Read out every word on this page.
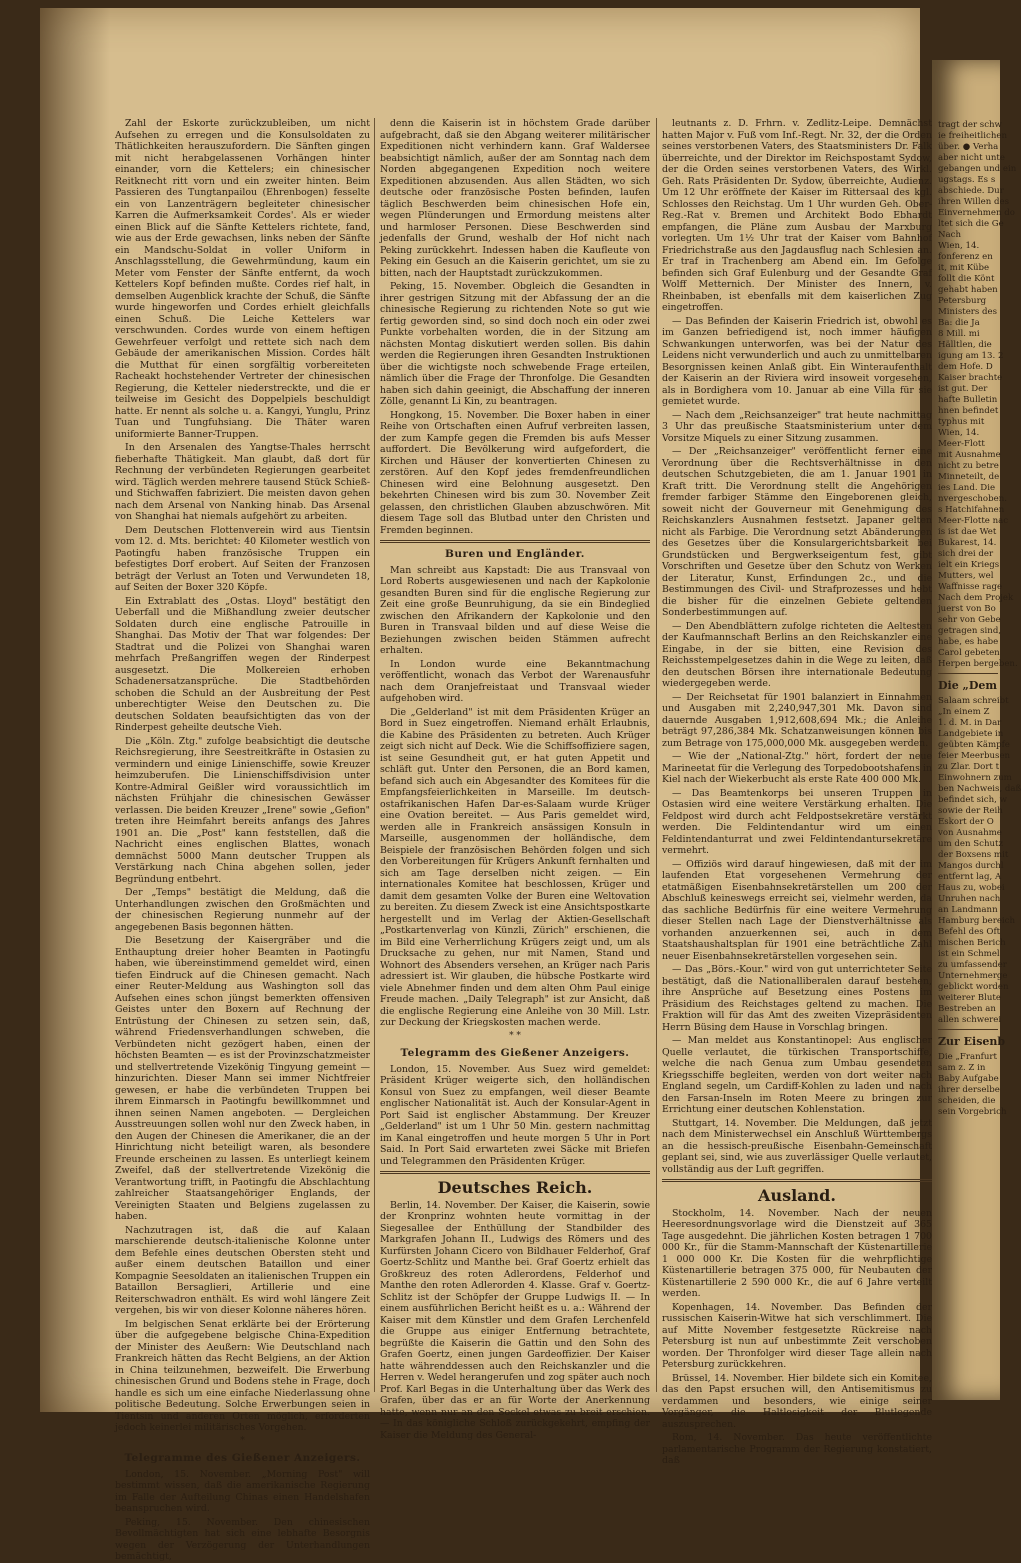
Zahl der Eskorte zurückzubleiben, um nicht Aufsehen zu erregen und die Konsulsoldaten zu Thätlichkeiten herauszufordern. Die Sänften gingen mit nicht herabgelassenen Vorhängen hinter einander, vorn die Kettelers; ein chinesischer Reitknecht ritt vorn und ein zweiter hinten. Beim Passieren des Tungtanpailou (Ehrenbogen) fesselte ein von Lanzenträgern begleiteter chinesischer Karren die Aufmerksamkeit Cordes'. Als er wieder einen Blick auf die Sänfte Kettelers richtete, fand, wie aus der Erde gewachsen, links neben der Sänfte ein Mandschu-Soldat in voller Uniform in Anschlagsstellung, die Gewehrmündung, kaum ein Meter vom Fenster der Sänfte entfernt, da woch Kettelers Kopf befinden mußte. Cordes rief halt, in demselben Augenblick krachte der Schuß, die Sänfte wurde hingeworfen und Cordes erhielt gleichfalls einen Schuß. Die Leiche Kettelers war verschwunden. Cordes wurde von einem heftigen Gewehrfeuer verfolgt und rettete sich nach dem Gebäude der amerikanischen Mission. Cordes hält die Mutthat für einen sorgfältig vorbereiteten Racheakt hochstehender Vertreter der chinesischen Regierung, die Ketteler niederstreckte, und die er teilweise im Gesicht des Doppelpiels beschuldigt hatte. Er nennt als solche u. a. Kangyi, Yunglu, Prinz Tuan und Tungfuhsiang. Die Thäter waren uniformierte Banner-Truppen.

In den Arsenalen des Yangtse-Thales herrscht fieberhafte Thätigkeit. Man glaubt, daß dort für Rechnung der verbündeten Regierungen gearbeitet wird. Täglich werden mehrere tausend Stück Schieß- und Stichwaffen fabriziert. Die meisten davon gehen nach dem Arsenal von Nanking hinab. Das Arsenal von Shanghai hat niemals aufgehört zu arbeiten.

Dem Deutschen Flottenverein wird aus Tientsin vom 12. d. Mts. berichtet: 40 Kilometer westlich von Paotingfu haben französische Truppen ein befestigtes Dorf erobert. Auf Seiten der Franzosen beträgt der Verlust an Toten und Verwundeten 18, auf Seiten der Boxer 320 Köpfe.

Ein Extrablatt des „Ostas. Lloyd" bestätigt den Ueberfall und die Mißhandlung zweier deutscher Soldaten durch eine englische Patrouille in Shanghai. Das Motiv der That war folgendes: Der Stadtrat und die Polizei von Shanghai waren mehrfach Preßangriffen wegen der Rinderpest ausgesetzt. Die Molkereien erhoben Schadenersatzansprüche. Die Stadtbehörden schoben die Schuld an der Ausbreitung der Pest unberechtigter Weise den Deutschen zu. Die deutschen Soldaten beaufsichtigten das von der Rinderpest geheilte deutsche Vieh.

Die „Köln. Ztg." zufolge beabsichtigt die deutsche Reichsregierung, ihre Seestreitkräfte in Ostasien zu vermindern und einige Linienschiffe, sowie Kreuzer heimzuberufen. Die Linienschiffsdivision unter Kontre-Admiral Geißler wird voraussichtlich im nächsten Frühjahr die chinesischen Gewässer verlassen. Die beiden Kreuzer „Irene" sowie „Gefion" treten ihre Heimfahrt bereits anfangs des Jahres 1901 an. Die „Post" kann feststellen, daß die Nachricht eines englischen Blattes, wonach demnächst 5000 Mann deutscher Truppen als Verstärkung nach China abgehen sollen, jeder Begründung entbehrt.

Der „Temps" bestätigt die Meldung, daß die Unterhandlungen zwischen den Großmächten und der chinesischen Regierung nunmehr auf der angegebenen Basis begonnen hätten.

Die Besetzung der Kaisergräber und die Enthauptung dreier hoher Beamten in Paotingfu haben, wie übereinstimmend gemeldet wird, einen tiefen Eindruck auf die Chinesen gemacht. Nach einer Reuter-Meldung aus Washington soll das Aufsehen eines schon jüngst bemerkten offensiven Geistes unter den Boxern auf Rechnung der Entrüstung der Chinesen zu setzen sein, daß, während Friedensverhandlungen schweben, die Verbündeten nicht gezögert haben, einen der höchsten Beamten — es ist der Provinzschatzmeister und stellvertretende Vizekönig Tingyung gemeint — hinzurichten. Dieser Mann sei immer Nichtfreier gewesen, er habe die verbündeten Truppen bei ihrem Einmarsch in Paotingfu bewillkommnet und ihnen seinen Namen angeboten. — Dergleichen Ausstreuungen sollen wohl nur den Zweck haben, in den Augen der Chinesen die Amerikaner, die an der Hinrichtung nicht beteiligt waren, als besondere Freunde erscheinen zu lassen. Es unterliegt keinem Zweifel, daß der stellvertretende Vizekönig die Verantwortung trifft, in Paotingfu die Abschlachtung zahlreicher Staatsangehöriger Englands, der Vereinigten Staaten und Belgiens zugelassen zu haben.

Nachzutragen ist, daß die auf Kalaan marschierende deutsch-italienische Kolonne unter dem Befehle eines deutschen Obersten steht und außer einem deutschen Bataillon und einer Kompagnie Seesoldaten an italienischen Truppen ein Bataillon Bersaglieri, Artillerie und eine Reiterschwadron enthält. Es wird wohl längere Zeit vergehen, bis wir von dieser Kolonne näheres hören.

Im belgischen Senat erklärte bei der Erörterung über die aufgegebene belgische China-Expedition der Minister des Aeußern: Wie Deutschland nach Frankreich hätten das Recht Belgiens, an der Aktion in China teilzunehmen, bezweifelt. Die Erwerbung chinesischen Grund und Bodens stehe in Frage, doch handle es sich um eine einfache Niederlassung ohne politische Bedeutung. Solche Erwerbungen seien in Tientsin und anderen Orten möglich, erforderten jedoch keinerlei militärisches Vorgehen.

*
Telegramme des Gießener Anzeigers.

London, 15. November. „Morning Post" will bestimmt wissen, daß die amerikanische Regierung im Falle der Aufteilung Chinas einen Handelshafen beanspruchen wird.

Peking, 15. November. Den chinesischen Bevollmächtigten hat sich eine lebhafte Besorgnis wegen der Verzögerung der Unterhandlungen bemächtigt,

denn die Kaiserin ist in höchstem Grade darüber aufgebracht, daß sie den Abgang weiterer militärischer Expeditionen nicht verhindern kann. Graf Waldersee beabsichtigt nämlich, außer der am Sonntag nach dem Norden abgegangenen Expedition noch weitere Expeditionen abzusenden. Aus allen Städten, wo sich deutsche oder französische Posten befinden, laufen täglich Beschwerden beim chinesischen Hofe ein, wegen Plünderungen und Ermordung meistens alter und harmloser Personen. Diese Beschwerden sind jedenfalls der Grund, weshalb der Hof nicht nach Peking zurückkehrt. Indessen haben die Kaufleute von Peking ein Gesuch an die Kaiserin gerichtet, um sie zu bitten, nach der Hauptstadt zurückzukommen.

Peking, 15. November. Obgleich die Gesandten in ihrer gestrigen Sitzung mit der Abfassung der an die chinesische Regierung zu richtenden Note so gut wie fertig geworden sind, so sind doch noch ein oder zwei Punkte vorbehalten worden, die in der Sitzung am nächsten Montag diskutiert werden sollen. Bis dahin werden die Regierungen ihren Gesandten Instruktionen über die wichtigste noch schwebende Frage erteilen, nämlich über die Frage der Thronfolge. Die Gesandten haben sich dahin geeinigt, die Abschaffung der inneren Zölle, genannt Li Kin, zu beantragen.

Hongkong, 15. November. Die Boxer haben in einer Reihe von Ortschaften einen Aufruf verbreiten lassen, der zum Kampfe gegen die Fremden bis aufs Messer auffordert. Die Bevölkerung wird aufgefordert, die Kirchen und Häuser der konvertierten Chinesen zu zerstören. Auf den Kopf jedes fremdenfreundlichen Chinesen wird eine Belohnung ausgesetzt. Den bekehrten Chinesen wird bis zum 30. November Zeit gelassen, den christlichen Glauben abzuschwören. Mit diesem Tage soll das Blutbad unter den Christen und Fremden beginnen.

Buren und Engländer.

Man schreibt aus Kapstadt: Die aus Transvaal von Lord Roberts ausgewiesenen und nach der Kapkolonie gesandten Buren sind für die englische Regierung zur Zeit eine große Beunruhigung, da sie ein Bindeglied zwischen den Afrikandern der Kapkolonie und den Buren in Transvaal bilden und auf diese Weise die Beziehungen zwischen beiden Stämmen aufrecht erhalten.

In London wurde eine Bekanntmachung veröffentlicht, wonach das Verbot der Warenausfuhr nach dem Oranjefreistaat und Transvaal wieder aufgehoben wird.

Die „Gelderland" ist mit dem Präsidenten Krüger an Bord in Suez eingetroffen. Niemand erhält Erlaubnis, die Kabine des Präsidenten zu betreten. Auch Krüger zeigt sich nicht auf Deck. Wie die Schiffsoffiziere sagen, ist seine Gesundheit gut, er hat guten Appetit und schläft gut. Unter den Personen, die an Bord kamen, befand sich auch ein Abgesandter des Komitees für die Empfangsfeierlichkeiten in Marseille. Im deutsch-ostafrikanischen Hafen Dar-es-Salaam wurde Krüger eine Ovation bereitet. — Aus Paris gemeldet wird, werden alle in Frankreich ansässigen Konsuln in Marseille, ausgenommen der holländische, dem Beispiele der französischen Behörden folgen und sich den Vorbereitungen für Krügers Ankunft fernhalten und sich am Tage derselben nicht zeigen. — Ein internationales Komitee hat beschlossen, Krüger und damit dem gesamten Volke der Buren eine Weltovation zu bereiten. Zu diesem Zweck ist eine Ansichtspostkarte hergestellt und im Verlag der Aktien-Gesellschaft „Postkartenverlag von Künzli, Zürich" erschienen, die im Bild eine Verherrlichung Krügers zeigt und, um als Drucksache zu gehen, nur mit Namen, Stand und Wohnort des Absenders versehen, an Krüger nach Paris adressiert ist. Wir glauben, die hübsche Postkarte wird viele Abnehmer finden und dem alten Ohm Paul einige Freude machen. „Daily Telegraph" ist zur Ansicht, daß die englische Regierung eine Anleihe von 30 Mill. Lstr. zur Deckung der Kriegskosten machen werde.

* *
Telegramm des Gießener Anzeigers.

London, 15. November. Aus Suez wird gemeldet: Präsident Krüger weigerte sich, den holländischen Konsul von Suez zu empfangen, weil dieser Beamte englischer Nationalität ist. Auch der Konsular-Agent in Port Said ist englischer Abstammung. Der Kreuzer „Gelderland" ist um 1 Uhr 50 Min. gestern nachmittag im Kanal eingetroffen und heute morgen 5 Uhr in Port Said. In Port Said erwarteten zwei Säcke mit Briefen und Telegrammen den Präsidenten Krüger.

Deutsches Reich.

Berlin, 14. November. Der Kaiser, die Kaiserin, sowie der Kronprinz wohnten heute vormittag in der Siegesallee der Enthüllung der Standbilder des Markgrafen Johann II., Ludwigs des Römers und des Kurfürsten Johann Cicero von Bildhauer Felderhof, Graf Goertz-Schlitz und Manthe bei. Graf Goertz erhielt das Großkreuz des roten Adlerordens, Felderhof und Manthe den roten Adlerorden 4. Klasse. Graf v. Goertz-Schlitz ist der Schöpfer der Gruppe Ludwigs II. — In einem ausführlichen Bericht heißt es u. a.: Während der Kaiser mit dem Künstler und dem Grafen Lerchenfeld die Gruppe aus einiger Entfernung betrachtete, begrüßte die Kaiserin die Gattin und den Sohn des Grafen Goertz, einen jungen Gardeoffizier. Der Kaiser hatte währenddessen auch den Reichskanzler und die Herren v. Wedel herangerufen und zog später auch noch Prof. Karl Begas in die Unterhaltung über das Werk des Grafen, über das er an für Worte der Anerkennung hatte, wenn nur an den Sockel etwas zu breit erschien. — In das königliche Schloß zurückgekehrt, empfing der Kaiser die Meldung des General-

leutnants z. D. Frhrn. v. Zedlitz-Leipe. Demnächst hatten Major v. Fuß vom Inf.-Regt. Nr. 32, der die Orden seines verstorbenen Vaters, des Staatsministers Dr. Falk überreichte, und der Direktor im Reichspostamt Sydow, der die Orden seines verstorbenen Vaters, des Wirkl. Geh. Rats Präsidenten Dr. Sydow, überreichte, Audienz. Um 12 Uhr eröffnete der Kaiser im Rittersaal des kgl. Schlosses den Reichstag. Um 1 Uhr wurden Geh. Ober-Reg.-Rat v. Bremen und Architekt Bodo Ebhardt empfangen, die Pläne zum Ausbau der Marxburg vorlegten. Um 1½ Uhr trat der Kaiser vom Bahnhof Friedrichstraße aus den Jagdausflug nach Schlesien an. Er traf in Trachenberg am Abend ein. Im Gefolge befinden sich Graf Eulenburg und der Gesandte Graf Wolff Metternich. Der Minister des Innern, v. Rheinbaben, ist ebenfalls mit dem kaiserlichen Zug eingetroffen.

— Das Befinden der Kaiserin Friedrich ist, obwohl es im Ganzen befriedigend ist, noch immer häufigen Schwankungen unterworfen, was bei der Natur des Leidens nicht verwunderlich und auch zu unmittelbaren Besorgnissen keinen Anlaß gibt. Ein Winteraufenthalt der Kaiserin an der Riviera wird insoweit vorgesehen, als in Bordighera vom 10. Januar ab eine Villa für sie gemietet wurde.

— Nach dem „Reichsanzeiger" trat heute nachmittag 3 Uhr das preußische Staatsministerium unter dem Vorsitze Miquels zu einer Sitzung zusammen.

— Der „Reichsanzeiger" veröffentlicht ferner eine Verordnung über die Rechtsverhältnisse in den deutschen Schutzgebieten, die am 1. Januar 1901 in Kraft tritt. Die Verordnung stellt die Angehörigen fremder farbiger Stämme den Eingeborenen gleich, soweit nicht der Gouverneur mit Genehmigung des Reichskanzlers Ausnahmen festsetzt. Japaner gelten nicht als Farbige. Die Verordnung setzt Abänderungen des Gesetzes über die Konsulargerichtsbarkeit bei Grundstücken und Bergwerkseigentum fest, gibt Vorschriften und Gesetze über den Schutz von Werken der Literatur, Kunst, Erfindungen 2c., und die Bestimmungen des Civil- und Strafprozesses und hebt die bisher für die einzelnen Gebiete geltenden Sonderbestimmungen auf.

— Den Abendblättern zufolge richteten die Aeltesten der Kaufmannschaft Berlins an den Reichskanzler eine Eingabe, in der sie bitten, eine Revision des Reichsstempelgesetzes dahin in die Wege zu leiten, daß den deutschen Börsen ihre internationale Bedeutung wiedergegeben werde.

— Der Reichsetat für 1901 balanziert in Einnahmen und Ausgaben mit 2,240,947,301 Mk. Davon sind dauernde Ausgaben 1,912,608,694 Mk.; die Anleihe beträgt 97,286,384 Mk. Schatzanweisungen können bis zum Betrage von 175,000,000 Mk. ausgegeben werden.

— Wie der „National-Ztg." hört, fordert der neue Marineetat für die Verlegung des Torpedobootshafens in Kiel nach der Wiekerbucht als erste Rate 400 000 Mk.

— Das Beamtenkorps bei unseren Truppen in Ostasien wird eine weitere Verstärkung erhalten. Die Feldpost wird durch acht Feldpostsekretäre verstärkt werden. Die Feldintendantur wird um einen Feldintendanturrat und zwei Feldintendantursekretäre vermehrt.

— Offiziös wird darauf hingewiesen, daß mit der im laufenden Etat vorgesehenen Vermehrung der etatmäßigen Eisenbahnsekretärstellen um 200 der Abschluß keineswegs erreicht sei, vielmehr werden, da das sachliche Bedürfnis für eine weitere Vermehrung dieser Stellen nach Lage der Dienstverhältnisse als vorhanden anzuerkennen sei, auch in dem Staatshaushaltsplan für 1901 eine beträchtliche Zahl neuer Eisenbahnsekretärstellen vorgesehen sein.

— Das „Börs.-Kour." wird von gut unterrichteter Seite bestätigt, daß die Nationalliberalen darauf bestehen, ihre Ansprüche auf Besetzung eines Postens im Präsidium des Reichstages geltend zu machen. Die Fraktion will für das Amt des zweiten Vizepräsidenten Herrn Büsing dem Hause in Vorschlag bringen.

— Man meldet aus Konstantinopel: Aus englischer Quelle verlautet, die türkischen Transportschiffe, welche die nach Genua zum Umbau gesendeten Kriegsschiffe begleiten, werden von dort weiter nach England segeln, um Cardiff-Kohlen zu laden und nach den Farsan-Inseln im Roten Meere zu bringen zur Errichtung einer deutschen Kohlenstation.

Stuttgart, 14. November. Die Meldungen, daß jetzt nach dem Ministerwechsel ein Anschluß Württembergs an die hessisch-preußische Eisenbahn-Gemeinschaft geplant sei, sind, wie aus zuverlässiger Quelle verlautet, vollständig aus der Luft gegriffen.

Ausland.

Stockholm, 14. November. Nach der neuen Heeresordnungsvorlage wird die Dienstzeit auf 365 Tage ausgedehnt. Die jährlichen Kosten betragen 1 700 000 Kr., für die Stamm-Mannschaft der Küstenartillerie 1 000 000 Kr. Die Kosten für die wehrpflichtige Küstenartillerie betragen 375 000, für Neubauten der Küstenartillerie 2 590 000 Kr., die auf 6 Jahre verteilt werden.

Kopenhagen, 14. November. Das Befinden der russischen Kaiserin-Witwe hat sich verschlimmert. Die auf Mitte November festgesetzte Rückreise nach Petersburg ist nun auf unbestimmte Zeit verschoben worden. Der Thronfolger wird dieser Tage allein nach Petersburg zurückkehren.

Brüssel, 14. November. Hier bildete sich ein Komitee, das den Papst ersuchen will, den Antisemitismus zu verdammen und besonders, wie einige seiner Vorgänger, die Haltlosigkeit der Blutlegende auszusprechen.

Rom, 14. November. Das heute veröffentlichte parlamentarische Programm der Regierung konstatiert, daß

tragt der schw
ie freiheitlichen
über. ● Verha
aber nicht unte
gebangen und ein
ugstags. Es s
abschiede. Dur
ihren Willen des
Einvernehmen do
ltet sich die Ge
Nach
Wien, 14.
fonferenz en
it, mit Kübe
follt die Könt
gehabt haben
Petersburg
Ministers des
Ba: die Ja
8 Mill. mi
Hälltlen, die
igung am 13. 2
dem Hofe. D
Kaiser brachte
ist gut. Der
hafte Bulletin
hnen befindet
typhus mit
Wien, 14.
Meer-Flott
mit Ausnahme
nicht zu betre
Minneteilt, de
ies Land. Die
nvergeschoben.
s Hatchifahnen
Meer-Flotte nac
is ist dae Wet
Bukarest, 14.
sich drei der
ielt ein Kriegs
Mutters, wel
Waffnisse rage
Nach dem Projek
juerst von Bo
sehr von Gebe
getragen sind,
habe, es habe
Carol gebeten
Herpen bergeben.
Die „Dem
Salaam schreibt
„In einem Z
1. d. M. in Dar
Landgebiete in
geübten Kämpfe
feier Meerbusen
zu Zlar. Dort t
Einwohnern zum
ben Nachweis, daß
befindet sich, w
sowie der Reih
Eskort der O
von Ausnahme
um den Schutz
der Boxsens mit
Mangos durchl
entfernt lag, A
Haus zu, wobei
Unruhen nach
an Landmann
Hamburg bereich
Befehl des Oft
mischen Berich
ist ein Schmel
zu umfassender
Unternehmerge
geblickt worden
weiterer Blute
Bestreben an
allen schwerei
Zur Eisenb
Die „Franfurt
sam z. Z in
Baby Aufgabe
ihrer derselbe
scheiden, die
sein Vorgebrich
